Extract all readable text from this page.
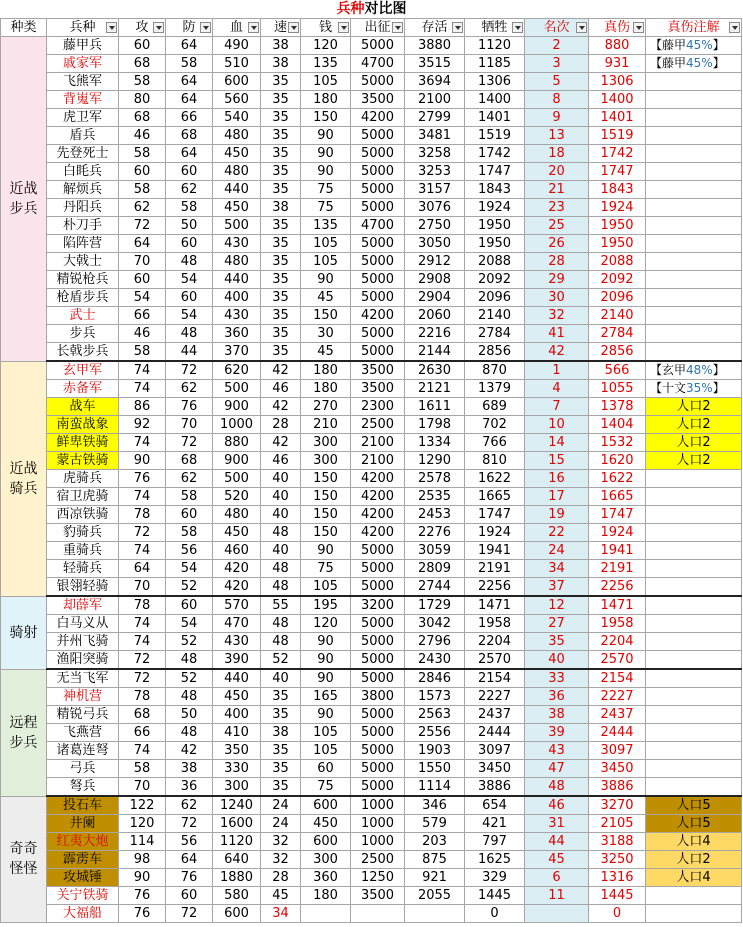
兵种对比图
种类	兵种	攻	防	血	速	钱	出征	存活	牺牲	名次	真伤	真伤注解

近战步兵	藤甲兵	60	64	490	38	120	5000	3880	1120	2	880	【藤甲45%】
	戚家军	68	58	510	38	135	4700	3515	1185	3	931	【藤甲45%】
	飞熊军	58	64	600	35	105	5000	3694	1306	5	1306	
	背嵬军	80	64	560	35	180	3500	2100	1400	8	1400	
	虎卫军	68	66	540	35	150	4200	2799	1401	9	1401	
	盾兵	46	68	480	35	90	5000	3481	1519	13	1519	
	先登死士	58	64	450	35	90	5000	3258	1742	18	1742	
	白眊兵	60	60	480	35	90	5000	3253	1747	20	1747	
	解烦兵	58	62	440	35	75	5000	3157	1843	21	1843	
	丹阳兵	62	58	450	38	75	5000	3076	1924	23	1924	
	朴刀手	72	50	500	35	135	4700	2750	1950	25	1950	
	陷阵营	64	60	430	35	105	5000	3050	1950	26	1950	
	大戟士	70	48	480	35	105	5000	2912	2088	28	2088	
	精锐枪兵	60	54	440	35	90	5000	2908	2092	29	2092	
	枪盾步兵	54	60	400	35	45	5000	2904	2096	30	2096	
	武士	66	54	430	35	150	4200	2060	2140	32	2140	
	步兵	46	48	360	35	30	5000	2216	2784	41	2784	
	长戟步兵	58	44	370	35	45	5000	2144	2856	42	2856	
近战骑兵	玄甲军	74	72	620	42	180	3500	2630	870	1	566	【玄甲48%】
	赤备军	74	62	500	46	180	3500	2121	1379	4	1055	【十文35%】
	战车	86	76	900	42	270	2300	1611	689	7	1378	人口2
	南蛮战象	92	70	1000	28	210	2500	1798	702	10	1404	人口2
	鲜卑铁骑	74	72	880	42	300	2100	1334	766	14	1532	人口2
	蒙古铁骑	90	68	900	46	300	2100	1290	810	15	1620	人口2
	虎骑兵	76	62	500	40	150	4200	2578	1622	16	1622	
	宿卫虎骑	74	58	520	40	150	4200	2535	1665	17	1665	
	西凉铁骑	78	60	480	40	150	4200	2453	1747	19	1747	
	豹骑兵	72	58	450	48	150	4200	2276	1924	22	1924	
	重骑兵	74	56	460	40	90	5000	3059	1941	24	1941	
	轻骑兵	64	54	420	48	75	5000	2809	2191	34	2191	
	银翎轻骑	70	52	420	48	105	5000	2744	2256	37	2256	
骑射	却薛军	78	60	570	55	195	3200	1729	1471	12	1471	
	白马义从	74	54	470	48	120	5000	3042	1958	27	1958	
	并州飞骑	74	52	430	48	90	5000	2796	2204	35	2204	
	渔阳突骑	72	48	390	52	90	5000	2430	2570	40	2570	
远程步兵	无当飞军	72	52	440	40	90	5000	2846	2154	33	2154	
	神机营	78	48	450	35	165	3800	1573	2227	36	2227	
	精锐弓兵	68	50	400	35	90	5000	2563	2437	38	2437	
	飞燕营	66	48	410	38	105	5000	2556	2444	39	2444	
	诸葛连弩	74	42	350	35	105	5000	1903	3097	43	3097	
	弓兵	58	38	330	35	60	5000	1550	3450	47	3450	
	弩兵	70	36	300	35	75	5000	1114	3886	48	3886	
奇奇怪怪	投石车	122	62	1240	24	600	1000	346	654	46	3270	人口5
	井阑	120	72	1600	24	450	1000	579	421	31	2105	人口5
	红夷大炮	114	56	1120	32	600	1000	203	797	44	3188	人口4
	霹雳车	98	64	640	32	300	2500	875	1625	45	3250	人口2
	攻城锤	90	76	1880	28	360	1250	921	329	6	1316	人口4
	关宁铁骑	76	60	580	45	180	3500	2055	1445	11	1445	
	大福船	76	72	600	34				0		0	
